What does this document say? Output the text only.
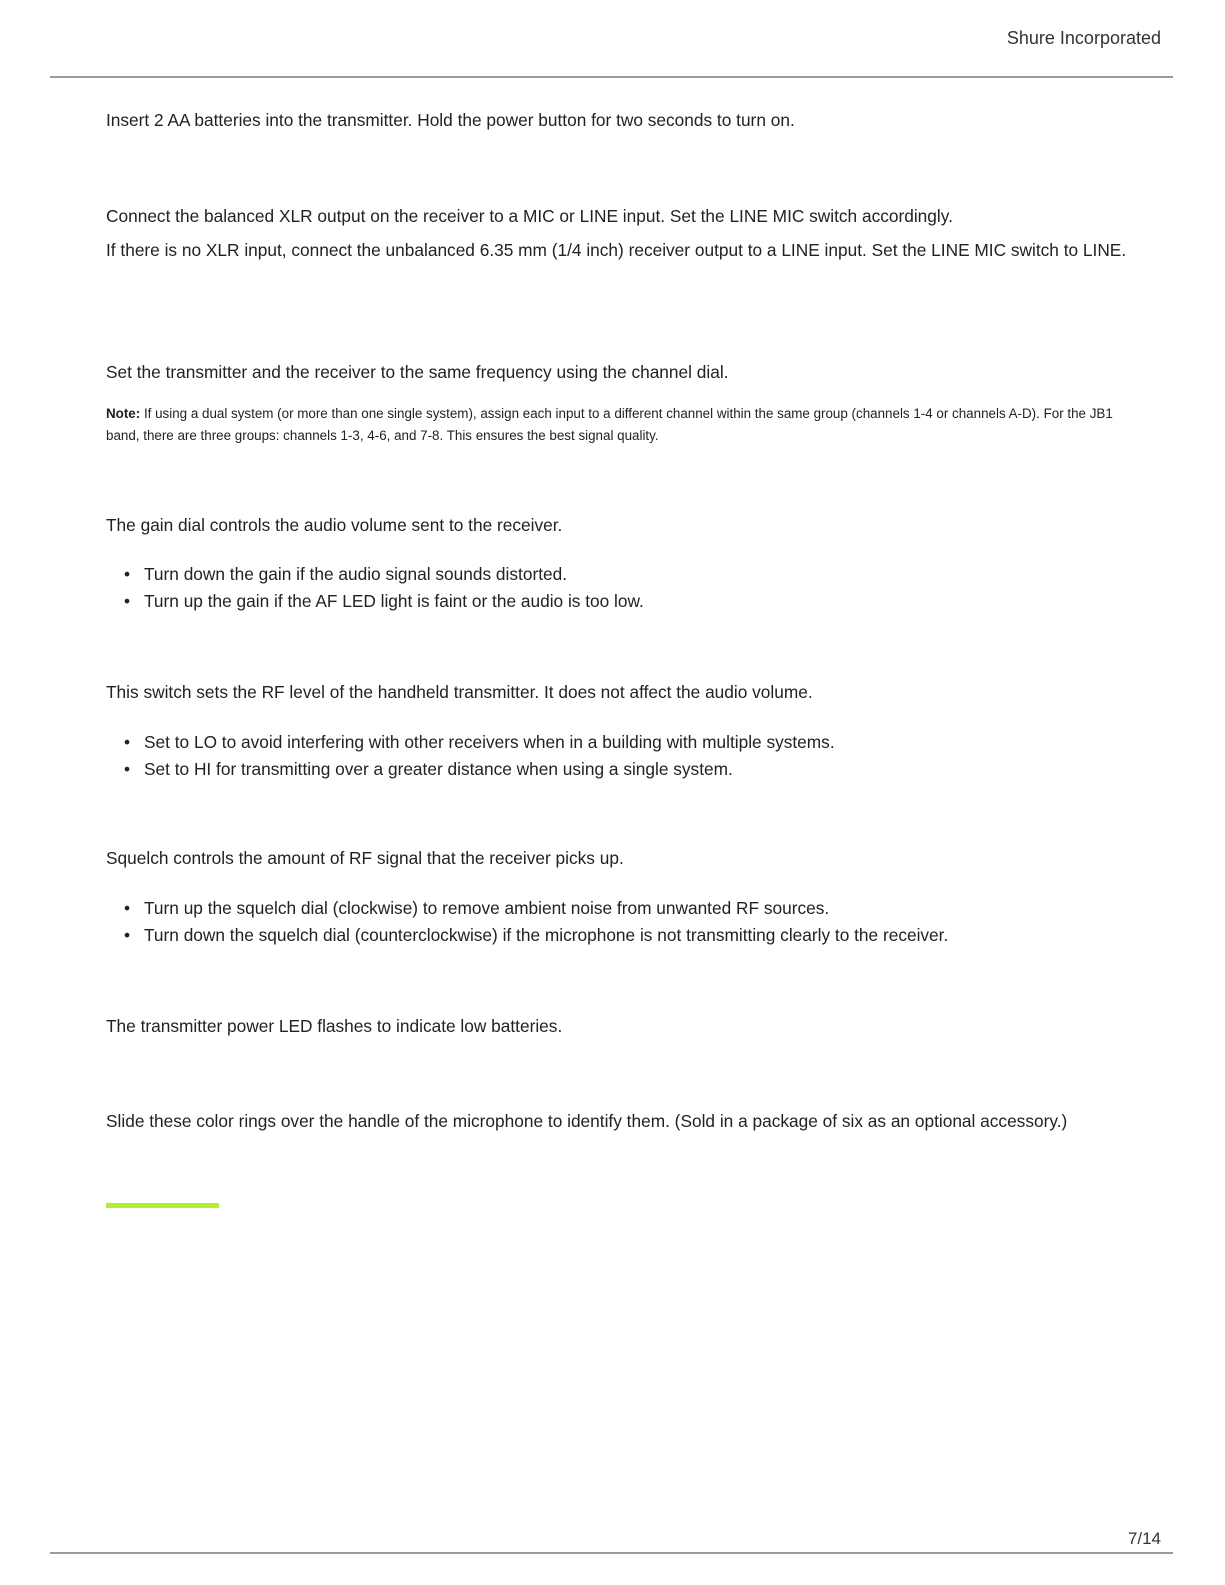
Shure Incorporated

Insert 2 AA batteries into the transmitter. Hold the power button for two seconds to turn on.

Connect the balanced XLR output on the receiver to a MIC or LINE input. Set the LINE MIC switch accordingly.

If there is no XLR input, connect the unbalanced 6.35 mm (1/4 inch) receiver output to a LINE input. Set the LINE MIC switch to LINE.

Set the transmitter and the receiver to the same frequency using the channel dial.

Note: If using a dual system (or more than one single system), assign each input to a different channel within the same group (channels 1-4 or channels A-D). For the JB1 band, there are three groups: channels 1-3, 4-6, and 7-8. This ensures the best signal quality.

The gain dial controls the audio volume sent to the receiver.

• Turn down the gain if the audio signal sounds distorted.
• Turn up the gain if the AF LED light is faint or the audio is too low.

This switch sets the RF level of the handheld transmitter. It does not affect the audio volume.

• Set to LO to avoid interfering with other receivers when in a building with multiple systems.
• Set to HI for transmitting over a greater distance when using a single system.

Squelch controls the amount of RF signal that the receiver picks up.

• Turn up the squelch dial (clockwise) to remove ambient noise from unwanted RF sources.
• Turn down the squelch dial (counterclockwise) if the microphone is not transmitting clearly to the receiver.

The transmitter power LED flashes to indicate low batteries.

Slide these color rings over the handle of the microphone to identify them. (Sold in a package of six as an optional accessory.)

7/14
